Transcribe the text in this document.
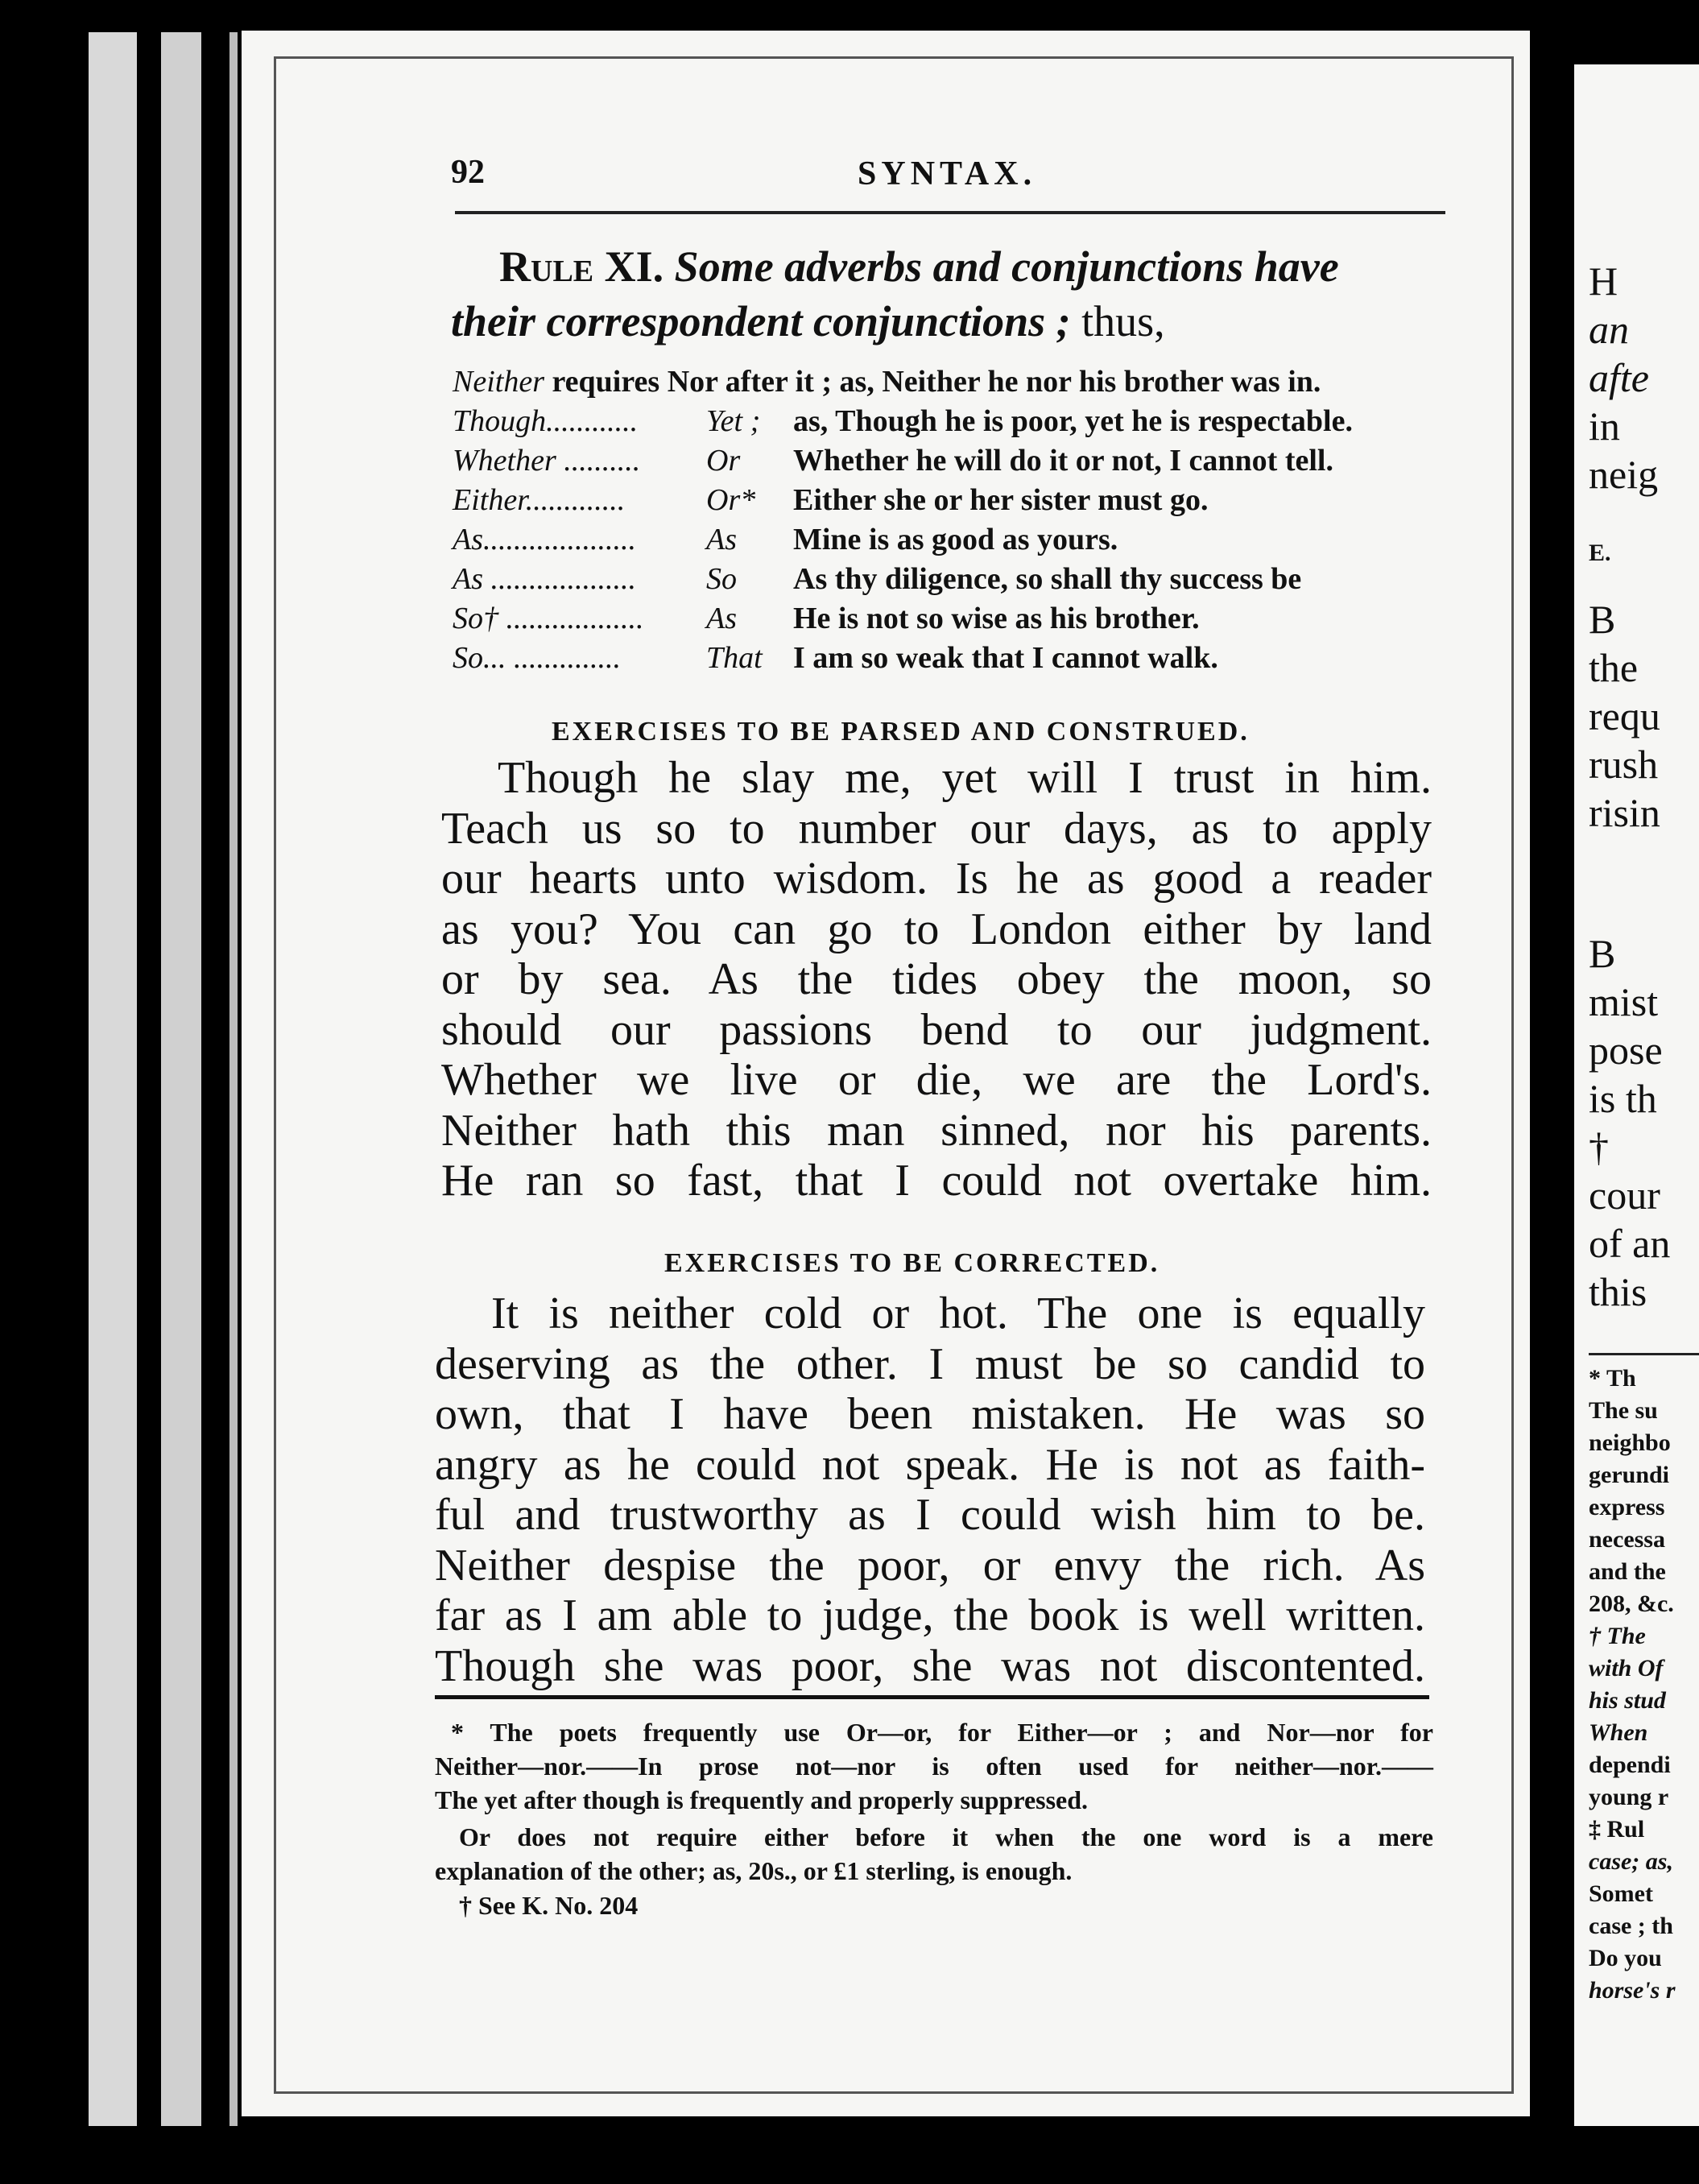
92	SYNTAX.
Rule XI. Some adverbs and conjunctions have
their correspondent conjunctions ; thus,
Neither requires Nor after it ; as, Neither he nor his brother was in.		
Though............	Yet ;	as, Though he is poor, yet he is respectable.
Whether ..........	Or	Whether he will do it or not, I cannot tell.
Either.............	Or*	Either she or her sister must go.
As....................	As	Mine is as good as yours.
As ...................	So	As thy diligence, so shall thy success be
So† ..................	As	He is not so wise as his brother.
So... ..............	That	I am so weak that I cannot walk.
EXERCISES TO BE PARSED AND CONSTRUED.
Though he slay me, yet will I trust in him.
Teach us so to number our days, as to apply
our hearts unto wisdom. Is he as good a reader
as you? You can go to London either by land
or by sea. As the tides obey the moon, so
should our passions bend to our judgment.
Whether we live or die, we are the Lord's.
Neither hath this man sinned, nor his parents.
He ran so fast, that I could not overtake him.
EXERCISES TO BE CORRECTED.
It is neither cold or hot. The one is equally
deserving as the other. I must be so candid to
own, that I have been mistaken. He was so
angry as he could not speak. He is not as faith-
ful and trustworthy as I could wish him to be.
Neither despise the poor, or envy the rich. As
far as I am able to judge, the book is well written.
Though she was poor, she was not discontented.
* The poets frequently use Or—or, for Either—or ; and Nor—nor for
Neither—nor.——In prose not—nor is often used for neither—nor.——
The yet after though is frequently and properly suppressed.
Or does not require either before it when the one word is a mere
explanation of the other; as, 20s., or £1 sterling, is enough.
† See K. No. 204
H
an
afte
in
neig
E.
B
the
requ
rush
risin
B
mist
pose
is th
†
cour
of an
this
* Th
The su
neighbo
gerundi
express
necessa
and the
208, &c.
† The
with Of
his stud
When
dependi
young r
‡ Rul
case; as,
Somet
case ; th
Do you
horse's r
